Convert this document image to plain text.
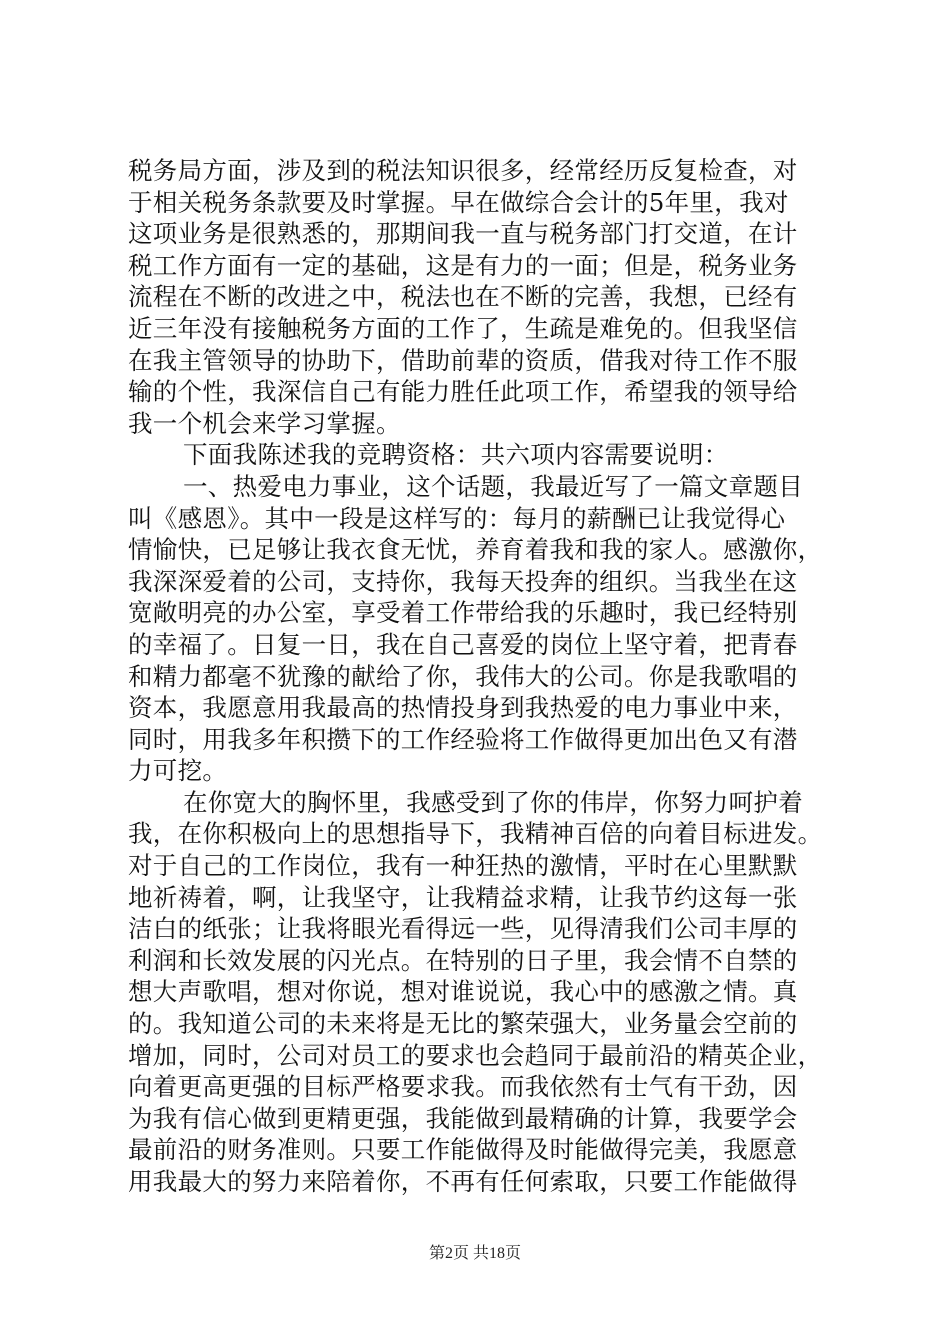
税务局方面，涉及到的税法知识很多，经常经历反复检查，对
于相关税务条款要及时掌握。早在做综合会计的5年里，我对
这项业务是很熟悉的，那期间我一直与税务部门打交道，在计
税工作方面有一定的基础，这是有力的一面；但是，税务业务
流程在不断的改进之中，税法也在不断的完善，我想，已经有
近三年没有接触税务方面的工作了，生疏是难免的。但我坚信
在我主管领导的协助下，借助前辈的资质，借我对待工作不服
输的个性，我深信自己有能力胜任此项工作，希望我的领导给
我一个机会来学习掌握。
下面我陈述我的竞聘资格：共六项内容需要说明：
一、热爱电力事业，这个话题，我最近写了一篇文章题目
叫《感恩》。其中一段是这样写的：每月的薪酬已让我觉得心
情愉快，已足够让我衣食无忧，养育着我和我的家人。感激你，
我深深爱着的公司，支持你，我每天投奔的组织。当我坐在这
宽敞明亮的办公室，享受着工作带给我的乐趣时，我已经特别
的幸福了。日复一日，我在自己喜爱的岗位上坚守着，把青春
和精力都毫不犹豫的献给了你，我伟大的公司。你是我歌唱的
资本，我愿意用我最高的热情投身到我热爱的电力事业中来，
同时，用我多年积攒下的工作经验将工作做得更加出色又有潜
力可挖。
在你宽大的胸怀里，我感受到了你的伟岸，你努力呵护着
我，在你积极向上的思想指导下，我精神百倍的向着目标进发。
对于自己的工作岗位，我有一种狂热的激情，平时在心里默默
地祈祷着，啊，让我坚守，让我精益求精，让我节约这每一张
洁白的纸张；让我将眼光看得远一些，见得清我们公司丰厚的
利润和长效发展的闪光点。在特别的日子里，我会情不自禁的
想大声歌唱，想对你说，想对谁说说，我心中的感激之情。真
的。我知道公司的未来将是无比的繁荣强大，业务量会空前的
增加，同时，公司对员工的要求也会趋同于最前沿的精英企业，
向着更高更强的目标严格要求我。而我依然有士气有干劲，因
为我有信心做到更精更强，我能做到最精确的计算，我要学会
最前沿的财务准则。只要工作能做得及时能做得完美，我愿意
用我最大的努力来陪着你，不再有任何索取，只要工作能做得
第2页 共18页
